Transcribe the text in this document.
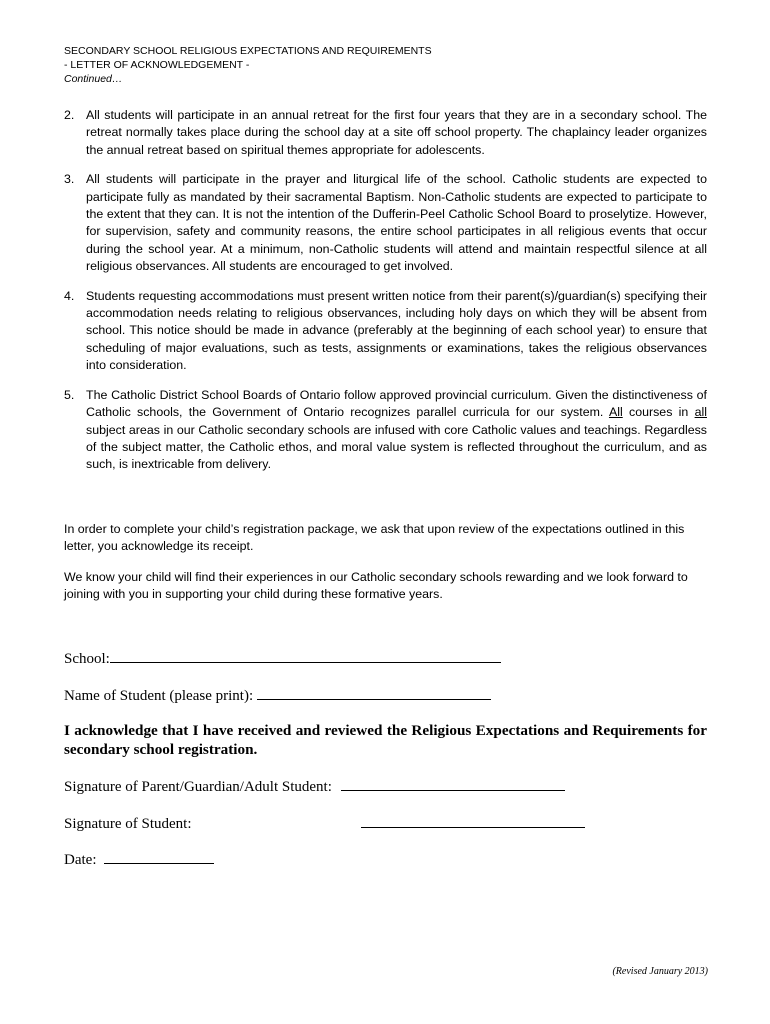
SECONDARY SCHOOL RELIGIOUS EXPECTATIONS AND REQUIREMENTS
- LETTER OF ACKNOWLEDGEMENT -
Continued…
2. All students will participate in an annual retreat for the first four years that they are in a secondary school. The retreat normally takes place during the school day at a site off school property. The chaplaincy leader organizes the annual retreat based on spiritual themes appropriate for adolescents.
3. All students will participate in the prayer and liturgical life of the school. Catholic students are expected to participate fully as mandated by their sacramental Baptism. Non-Catholic students are expected to participate to the extent that they can. It is not the intention of the Dufferin-Peel Catholic School Board to proselytize. However, for supervision, safety and community reasons, the entire school participates in all religious events that occur during the school year. At a minimum, non-Catholic students will attend and maintain respectful silence at all religious observances. All students are encouraged to get involved.
4. Students requesting accommodations must present written notice from their parent(s)/guardian(s) specifying their accommodation needs relating to religious observances, including holy days on which they will be absent from school. This notice should be made in advance (preferably at the beginning of each school year) to ensure that scheduling of major evaluations, such as tests, assignments or examinations, takes the religious observances into consideration.
5. The Catholic District School Boards of Ontario follow approved provincial curriculum. Given the distinctiveness of Catholic schools, the Government of Ontario recognizes parallel curricula for our system. All courses in all subject areas in our Catholic secondary schools are infused with core Catholic values and teachings. Regardless of the subject matter, the Catholic ethos, and moral value system is reflected throughout the curriculum, and as such, is inextricable from delivery.

In order to complete your child’s registration package, we ask that upon review of the expectations outlined in this letter, you acknowledge its receipt.

We know your child will find their experiences in our Catholic secondary schools rewarding and we look forward to joining with you in supporting your child during these formative years.

School:
Name of Student (please print):
I acknowledge that I have received and reviewed the Religious Expectations and Requirements for secondary school registration.
Signature of Parent/Guardian/Adult Student:
Signature of Student:
Date:
(Revised January 2013)
